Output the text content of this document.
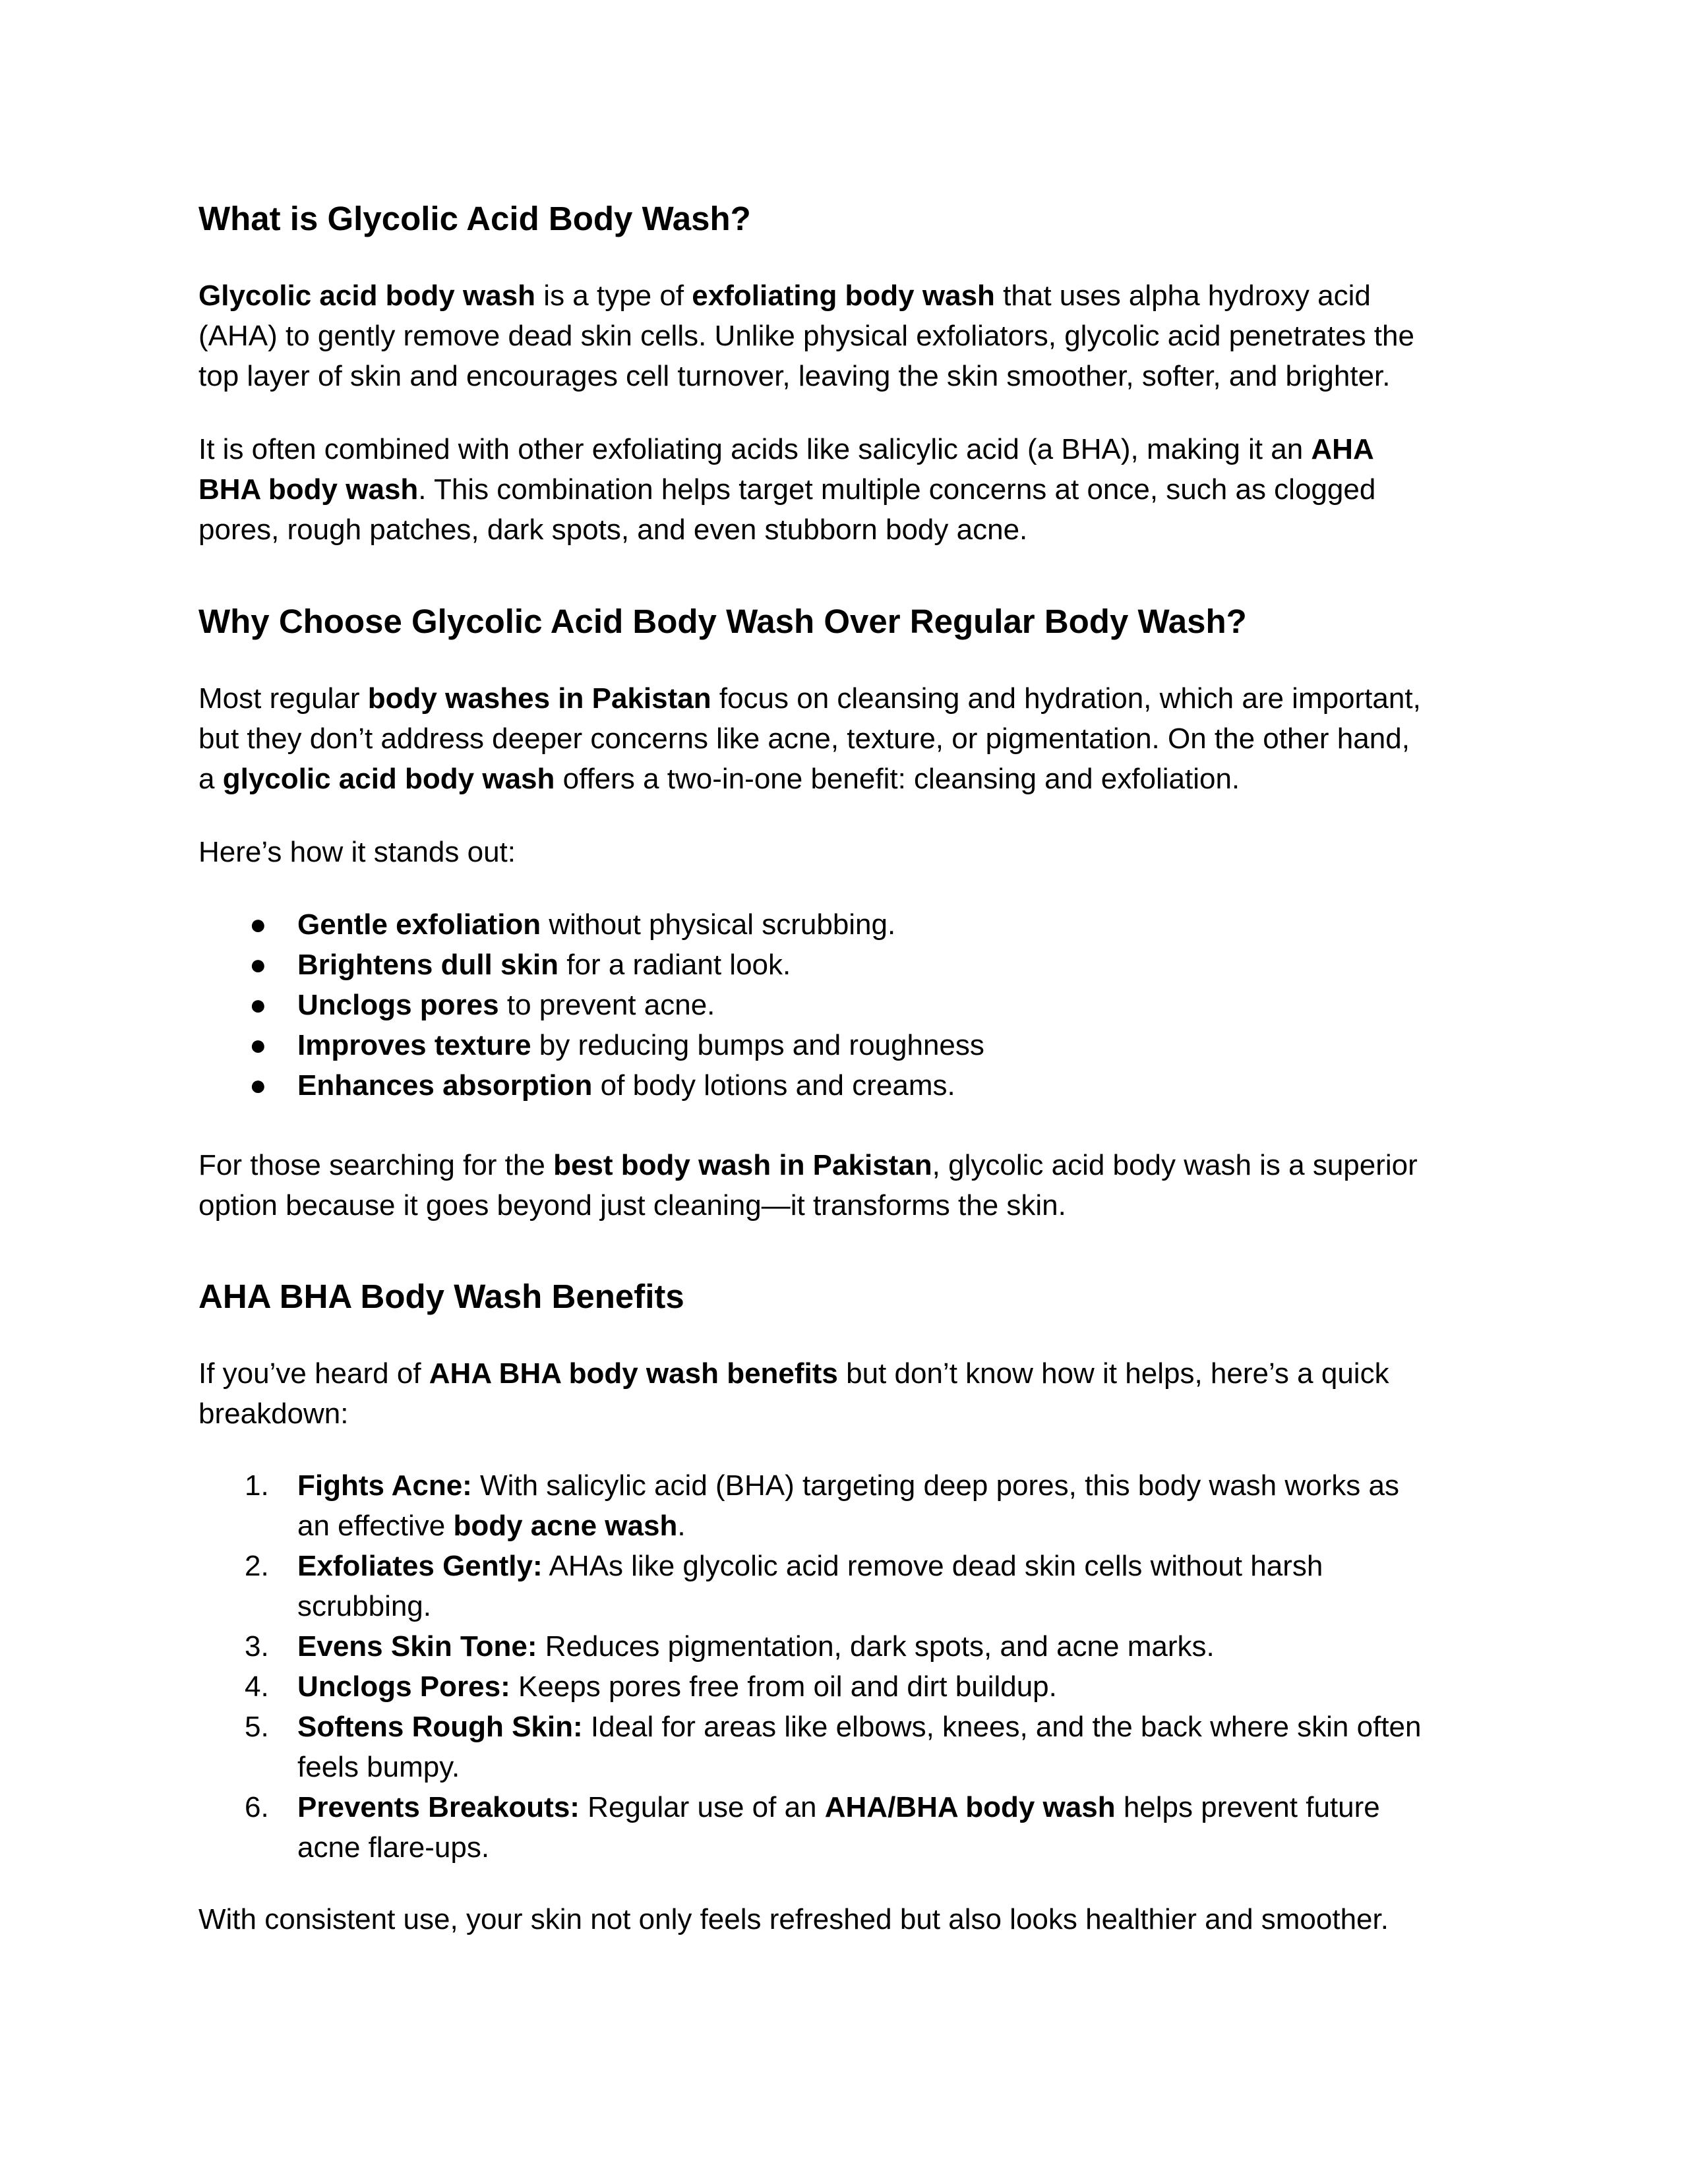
What is Glycolic Acid Body Wash?

Glycolic acid body wash is a type of exfoliating body wash that uses alpha hydroxy acid
(AHA) to gently remove dead skin cells. Unlike physical exfoliators, glycolic acid penetrates the
top layer of skin and encourages cell turnover, leaving the skin smoother, softer, and brighter.

It is often combined with other exfoliating acids like salicylic acid (a BHA), making it an AHA
BHA body wash. This combination helps target multiple concerns at once, such as clogged
pores, rough patches, dark spots, and even stubborn body acne.

Why Choose Glycolic Acid Body Wash Over Regular Body Wash?

Most regular body washes in Pakistan focus on cleansing and hydration, which are important,
but they don’t address deeper concerns like acne, texture, or pigmentation. On the other hand,
a glycolic acid body wash offers a two-in-one benefit: cleansing and exfoliation.

Here’s how it stands out:

●	Gentle exfoliation without physical scrubbing.
●	Brightens dull skin for a radiant look.
●	Unclogs pores to prevent acne.
●	Improves texture by reducing bumps and roughness
●	Enhances absorption of body lotions and creams.

For those searching for the best body wash in Pakistan, glycolic acid body wash is a superior
option because it goes beyond just cleaning—it transforms the skin.

AHA BHA Body Wash Benefits

If you’ve heard of AHA BHA body wash benefits but don’t know how it helps, here’s a quick
breakdown:

1. Fights Acne: With salicylic acid (BHA) targeting deep pores, this body wash works as
an effective body acne wash.
2. Exfoliates Gently: AHAs like glycolic acid remove dead skin cells without harsh
scrubbing.
3. Evens Skin Tone: Reduces pigmentation, dark spots, and acne marks.
4. Unclogs Pores: Keeps pores free from oil and dirt buildup.
5. Softens Rough Skin: Ideal for areas like elbows, knees, and the back where skin often
feels bumpy.
6. Prevents Breakouts: Regular use of an AHA/BHA body wash helps prevent future
acne flare-ups.

With consistent use, your skin not only feels refreshed but also looks healthier and smoother.
